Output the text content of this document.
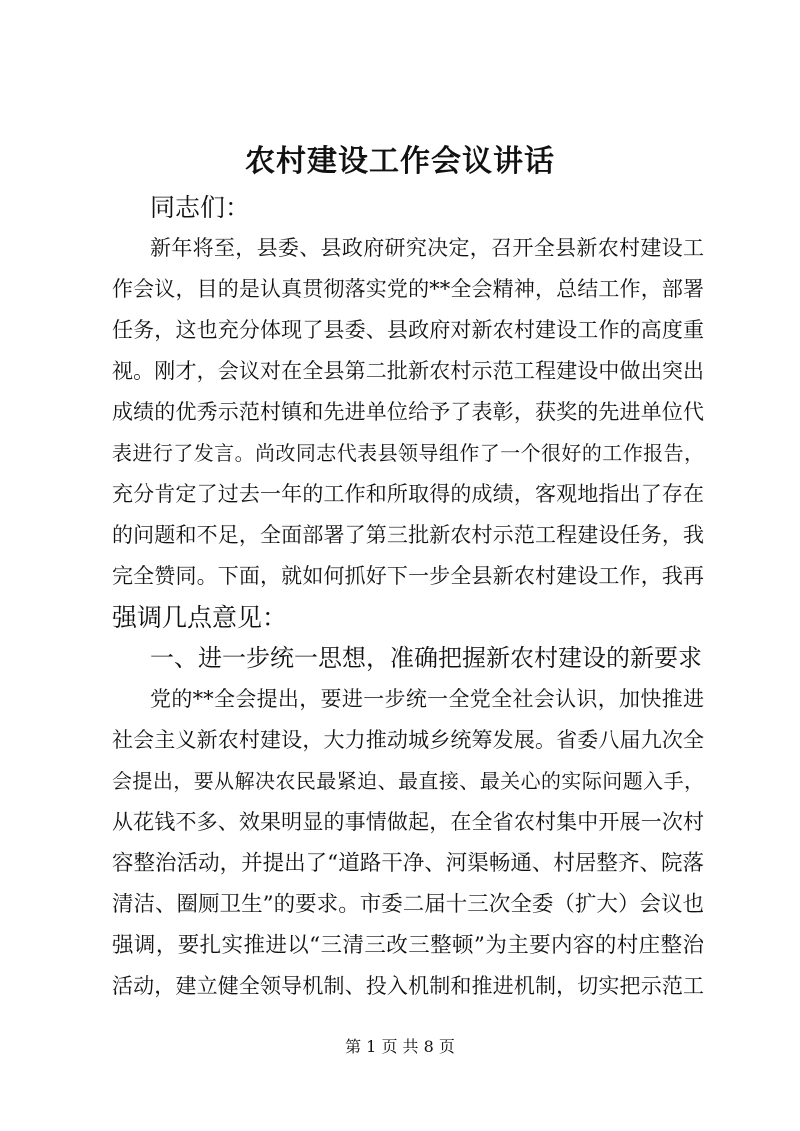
农村建设工作会议讲话
同志们：
新年将至，县委、县政府研究决定，召开全县新农村建设工
作会议，目的是认真贯彻落实党的**全会精神，总结工作，部署
任务，这也充分体现了县委、县政府对新农村建设工作的高度重
视。刚才，会议对在全县第二批新农村示范工程建设中做出突出
成绩的优秀示范村镇和先进单位给予了表彰，获奖的先进单位代
表进行了发言。尚改同志代表县领导组作了一个很好的工作报告，
充分肯定了过去一年的工作和所取得的成绩，客观地指出了存在
的问题和不足，全面部署了第三批新农村示范工程建设任务，我
完全赞同。下面，就如何抓好下一步全县新农村建设工作，我再
强调几点意见：
一、进一步统一思想，准确把握新农村建设的新要求
党的**全会提出，要进一步统一全党全社会认识，加快推进
社会主义新农村建设，大力推动城乡统筹发展。省委八届九次全
会提出，要从解决农民最紧迫、最直接、最关心的实际问题入手，
从花钱不多、效果明显的事情做起，在全省农村集中开展一次村
容整治活动，并提出了“道路干净、河渠畅通、村居整齐、院落
清洁、圈厕卫生”的要求。市委二届十三次全委（扩大）会议也
强调，要扎实推进以“三清三改三整顿”为主要内容的村庄整治
活动，建立健全领导机制、投入机制和推进机制，切实把示范工
第 1 页 共 8 页
